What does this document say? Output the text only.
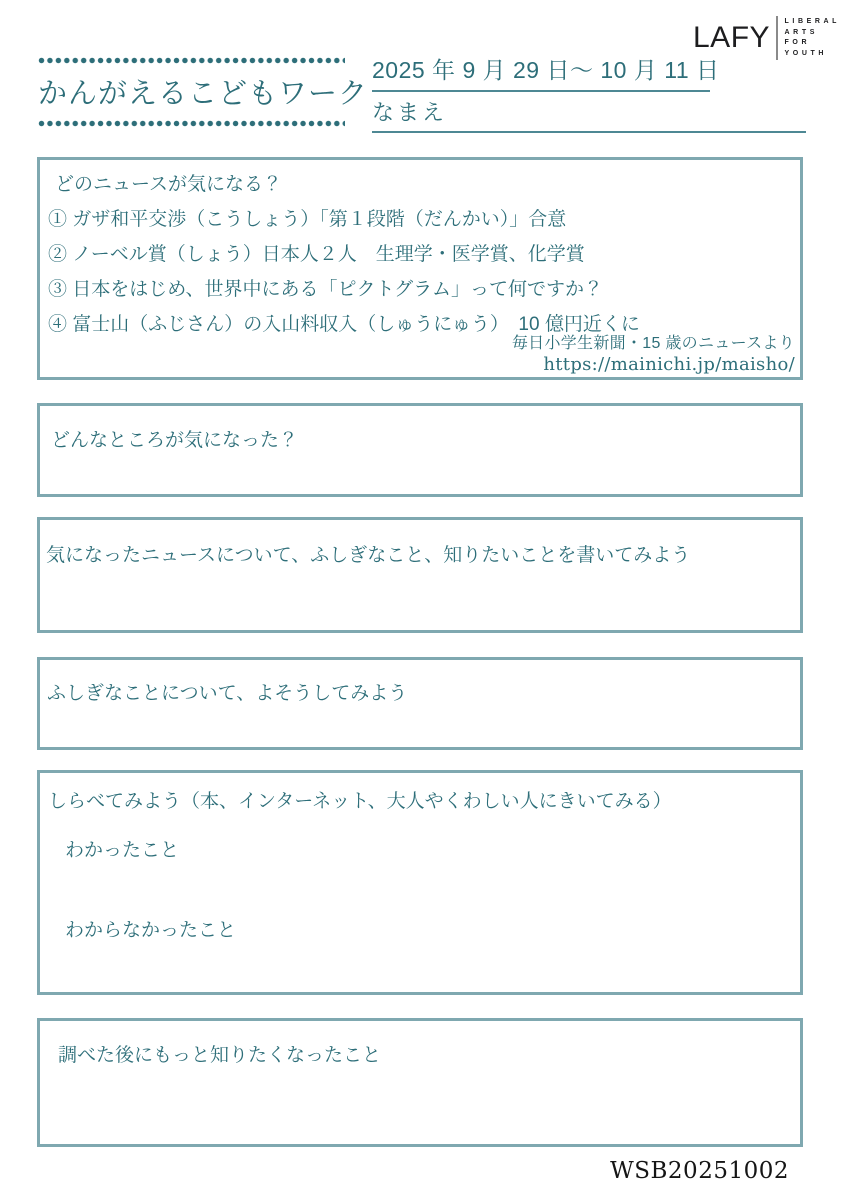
かんがえるこどもワーク
2025 年 9 月 29 日～ 10 月 11 日
なまえ
LAFY LIBERAL
ARTS
FOR
YOUTH

どのニュースが気になる？

① ガザ和平交渉（こうしょう）「第１段階（だんかい）」合意

② ノーベル賞（しょう）日本人２人　生理学・医学賞、化学賞

③ 日本をはじめ、世界中にある「ピクトグラム」って何ですか？

④ 富士山（ふじさん）の入山料収入（しゅうにゅう）　10 億円近くに

毎日小学生新聞・15 歳のニュースより

https://mainichi.jp/maisho/

どんなところが気になった？

気になったニュースについて、ふしぎなこと、知りたいことを書いてみよう

ふしぎなことについて、よそうしてみよう

しらべてみよう（本、インターネット、大人やくわしい人にきいてみる）

わかったこと

わからなかったこと

調べた後にもっと知りたくなったこと

WSB20251002
